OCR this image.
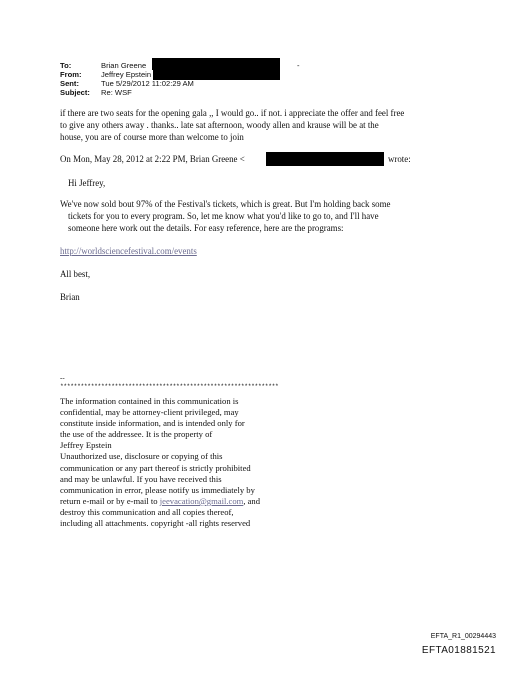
To:	Brian Greene	-
From:	Jeffrey Epstein
Sent:	Tue 5/29/2012 11:02:29 AM
Subject: Re: WSF
if there are two seats for the opening gala ,, I would go.. if not. i appreciate the offer and feel free
to give any others away . thanks.. late sat afternoon, woody allen and krause will be at the
house, you are of course more than welcome to join
On Mon, May 28, 2012 at 2:22 PM, Brian Greene <	wrote:
Hi Jeffrey,
We've now sold bout 97% of the Festival's tickets, which is great. But I'm holding back some
tickets for you to every program. So, let me know what you'd like to go to, and I'll have
someone here work out the details. For easy reference, here are the programs:
http://worldsciencefestival.com/events
All best,
Brian
--
****************************************************************
The information contained in this communication is
confidential, may be attorney-client privileged, may
constitute inside information, and is intended only for
the use of the addressee. It is the property of
Jeffrey Epstein
Unauthorized use, disclosure or copying of this
communication or any part thereof is strictly prohibited
and may be unlawful. If you have received this
communication in error, please notify us immediately by
return e-mail or by e-mail to jeevacation@gmail.com, and
destroy this communication and all copies thereof,
including all attachments. copyright -all rights reserved
EFTA_R1_00294443
EFTA01881521
